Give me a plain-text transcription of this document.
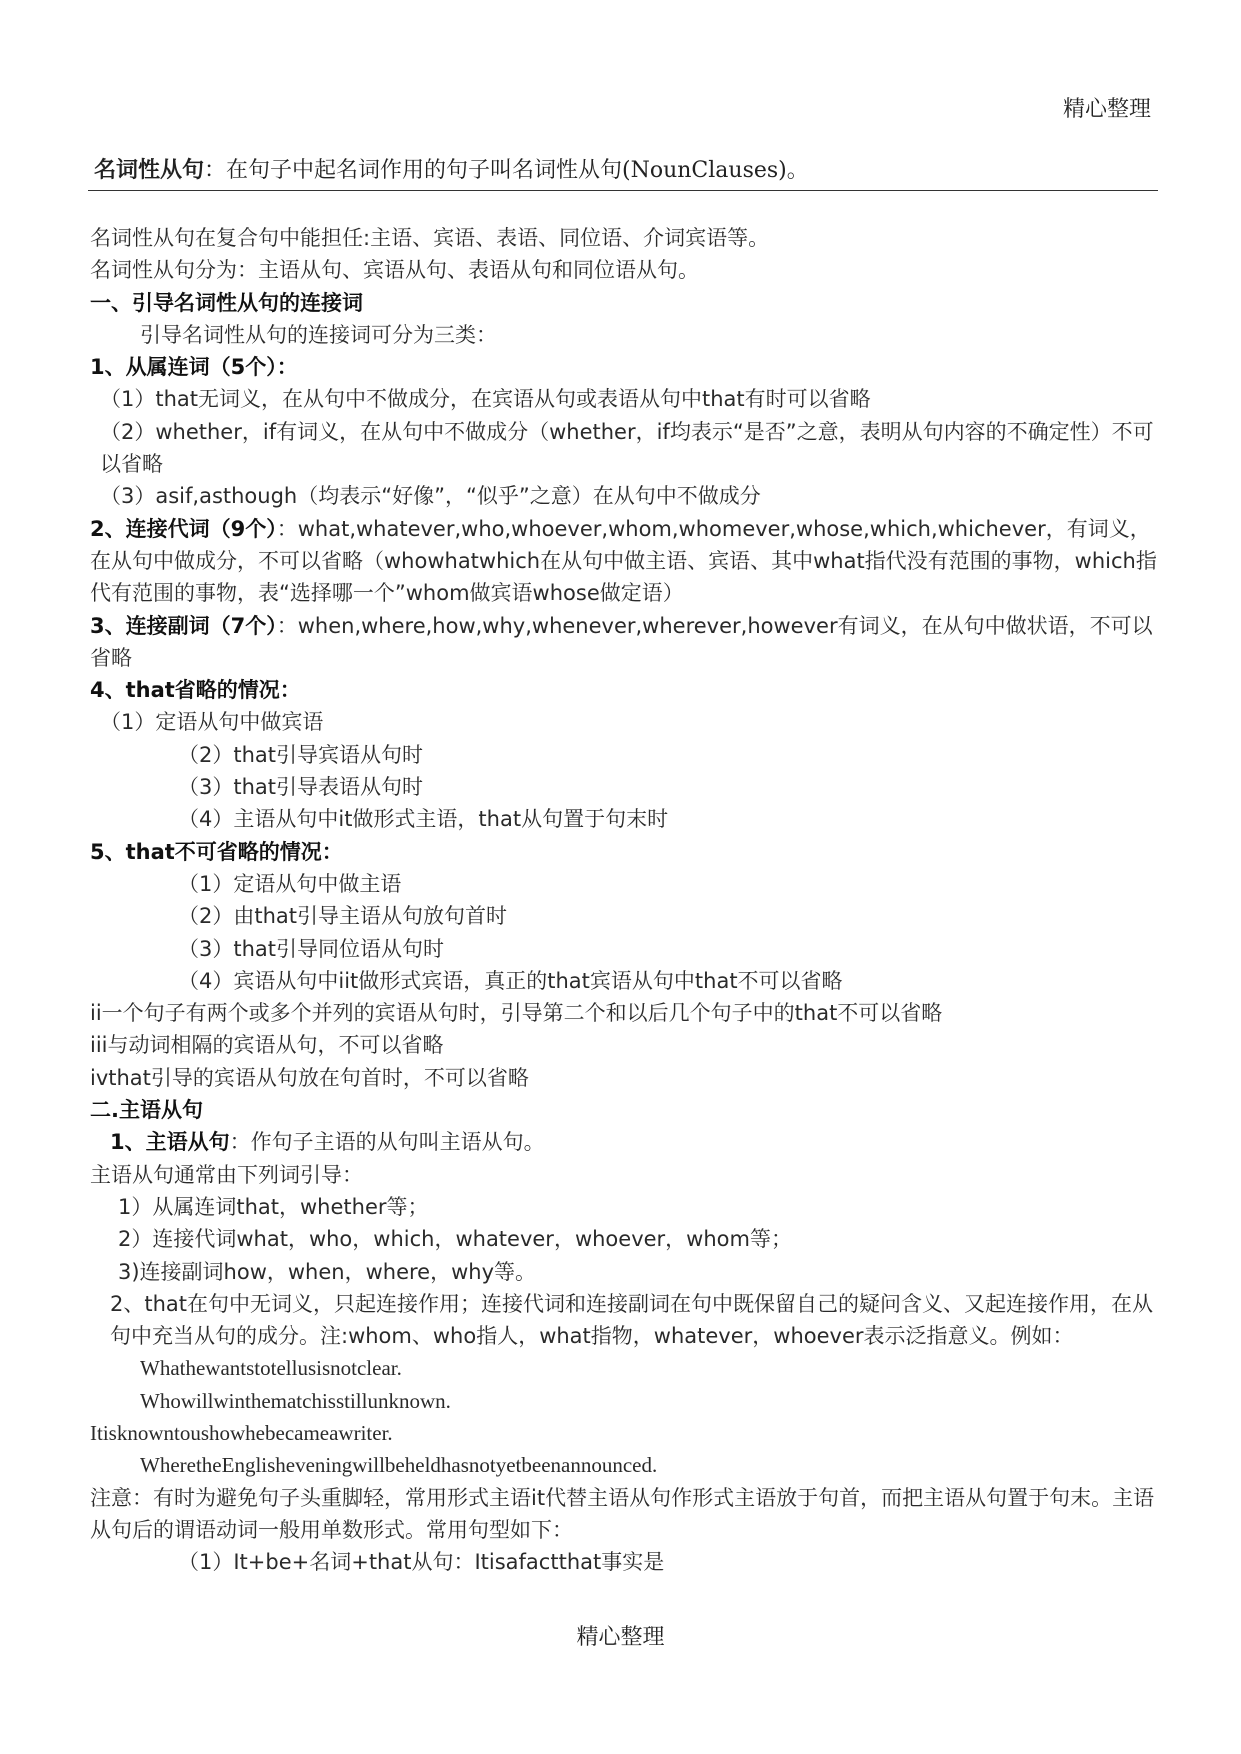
精心整理
名词性从句：在句子中起名词作用的句子叫名词性从句(NounClauses)。

名词性从句在复合句中能担任:主语、宾语、表语、同位语、介词宾语等。

名词性从句分为：主语从句、宾语从句、表语从句和同位语从句。

一、引导名词性从句的连接词

引导名词性从句的连接词可分为三类：

1、从属连词（5个）：

（1）that无词义，在从句中不做成分，在宾语从句或表语从句中that有时可以省略

（2）whether，if有词义，在从句中不做成分（whether，if均表示“是否”之意，表明从句内容的不确定性）不可以省略

（3）asif,asthough（均表示“好像”，“似乎”之意）在从句中不做成分

2、连接代词（9个）：what,whatever,who,whoever,whom,whomever,whose,which,whichever，有词义，在从句中做成分，不可以省略（whowhatwhich在从句中做主语、宾语、其中what指代没有范围的事物，which指代有范围的事物，表“选择哪一个”whom做宾语whose做定语）

3、连接副词（7个）：when,where,how,why,whenever,wherever,however有词义，在从句中做状语，不可以省略

4、that省略的情况：

（1）定语从句中做宾语

（2）that引导宾语从句时

（3）that引导表语从句时

（4）主语从句中it做形式主语，that从句置于句末时

5、that不可省略的情况：

（1）定语从句中做主语

（2）由that引导主语从句放句首时

（3）that引导同位语从句时

（4）宾语从句中iit做形式宾语，真正的that宾语从句中that不可以省略

ii一个句子有两个或多个并列的宾语从句时，引导第二个和以后几个句子中的that不可以省略

iii与动词相隔的宾语从句，不可以省略

ivthat引导的宾语从句放在句首时，不可以省略

二.主语从句

1、主语从句：作句子主语的从句叫主语从句。

主语从句通常由下列词引导：

1）从属连词that，whether等；

2）连接代词what，who，which，whatever，whoever，whom等；

3)连接副词how，when，where，why等。

2、that在句中无词义，只起连接作用；连接代词和连接副词在句中既保留自己的疑问含义、又起连接作用，在从句中充当从句的成分。注:whom、who指人，what指物，whatever，whoever表示泛指意义。例如：

Whathewantstotellusisnotclear.

Whowillwinthematchisstillunknown.

Itisknowntoushowhebecameawriter.

WheretheEnglisheveningwillbeheldhasnotyetbeenannounced.

注意：有时为避免句子头重脚轻，常用形式主语it代替主语从句作形式主语放于句首，而把主语从句置于句末。主语从句后的谓语动词一般用单数形式。常用句型如下：

（1）It+be+名词+that从句：Itisafactthat事实是

精心整理
